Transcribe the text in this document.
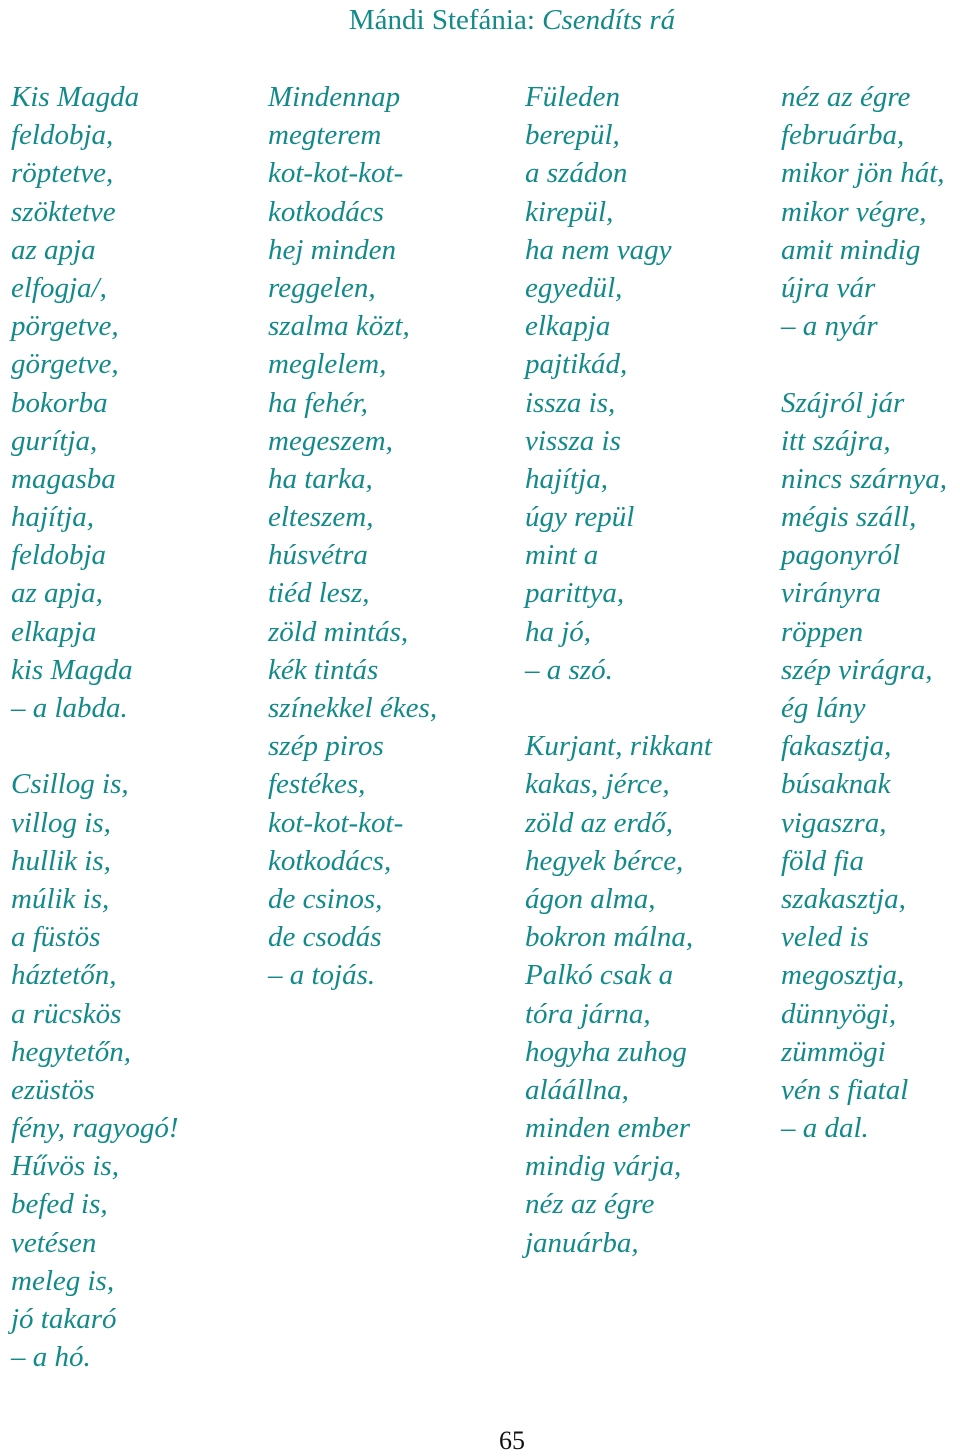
Mándi Stefánia: Csendíts rá
Kis Magda
feldobja,
röptetve,
szöktetve
az apja
elfogja/,
pörgetve,
görgetve,
bokorba
gurítja,
magasba
hajítja,
feldobja
az apja,
elkapja
kis Magda
– a labda.
Csillog is,
villog is,
hullik is,
múlik is,
a füstös
háztetőn,
a rücskös
hegytetőn,
ezüstös
fény, ragyogó!
Hűvös is,
befed is,
vetésen
meleg is,
jó takaró
– a hó.
Mindennap
megterem
kot-kot-kot-
kotkodács
hej minden
reggelen,
szalma közt,
meglelem,
ha fehér,
megeszem,
ha tarka,
elteszem,
húsvétra
tiéd lesz,
zöld mintás,
kék tintás
színekkel ékes,
szép piros
festékes,
kot-kot-kot-
kotkodács,
de csinos,
de csodás
– a tojás.
Füleden
berepül,
a szádon
kirepül,
ha nem vagy
egyedül,
elkapja
pajtikád,
issza is,
vissza is
hajítja,
úgy repül
mint a
parittya,
ha jó,
– a szó.
Kurjant, rikkant
kakas, jérce,
zöld az erdő,
hegyek bérce,
ágon alma,
bokron málna,
Palkó csak a
tóra járna,
hogyha zuhog
aláállna,
minden ember
mindig várja,
néz az égre
januárba,
néz az égre
februárba,
mikor jön hát,
mikor végre,
amit mindig
újra vár
– a nyár
Szájról jár
itt szájra,
nincs szárnya,
mégis száll,
pagonyról
virányra
röppen
szép virágra,
ég lány
fakasztja,
búsaknak
vigaszra,
föld fia
szakasztja,
veled is
megosztja,
dünnyögi,
zümmögi
vén s fiatal
– a dal.
65
